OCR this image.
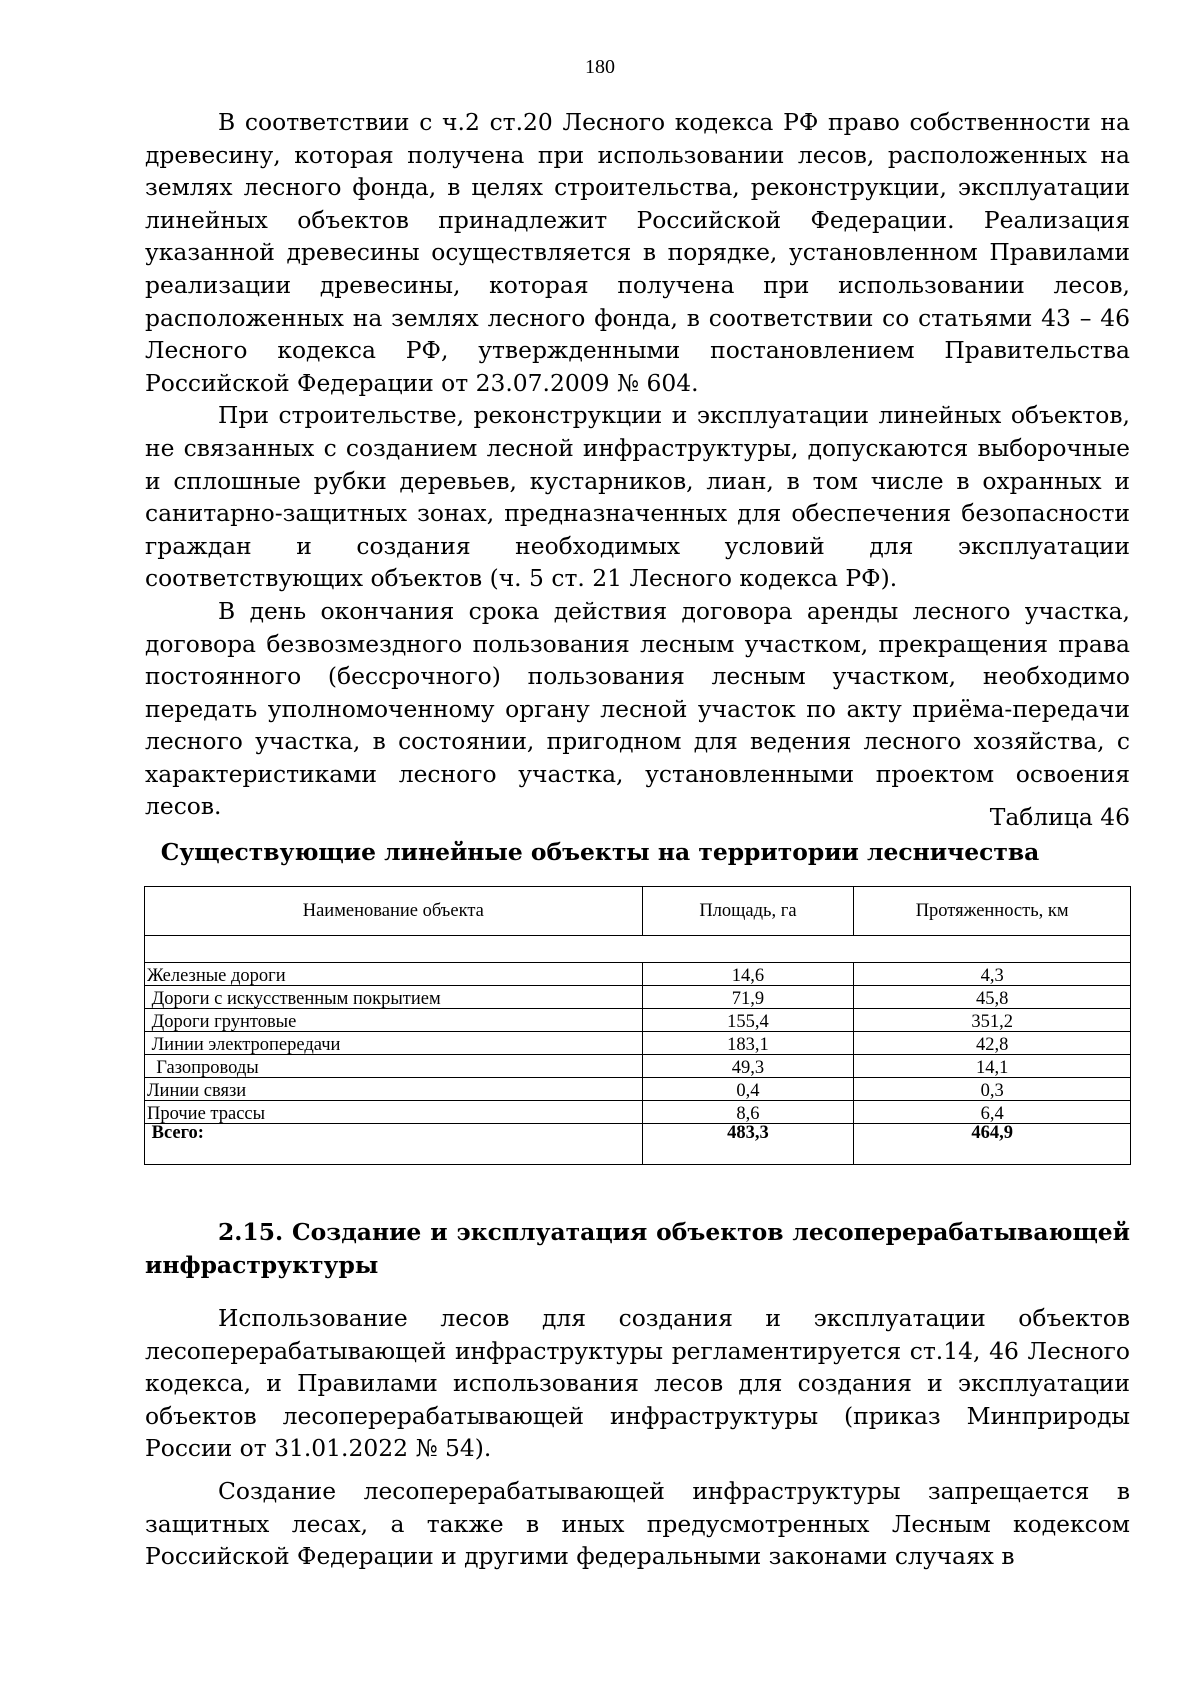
180

В соответствии с ч.2 ст.20 Лесного кодекса РФ право собственности на древесину, которая получена при использовании лесов, расположенных на землях лесного фонда, в целях строительства, реконструкции, эксплуатации линейных объектов принадлежит Российской Федерации. Реализация указанной древесины осуществляется в порядке, установленном Правилами реализации древесины, которая получена при использовании лесов, расположенных на землях лесного фонда, в соответствии со статьями 43 – 46 Лесного кодекса РФ, утвержденными постановлением Правительства Российской Федерации от 23.07.2009 № 604.

При строительстве, реконструкции и эксплуатации линейных объектов, не связанных с созданием лесной инфраструктуры, допускаются выборочные и сплошные рубки деревьев, кустарников, лиан, в том числе в охранных и санитарно-защитных зонах, предназначенных для обеспечения безопасности граждан и создания необходимых условий для эксплуатации соответствующих объектов (ч. 5 ст. 21 Лесного кодекса РФ).

В день окончания срока действия договора аренды лесного участка, договора безвозмездного пользования лесным участком, прекращения права постоянного (бессрочного) пользования лесным участком, необходимо передать уполномоченному органу лесной участок по акту приёма-передачи лесного участка, в состоянии, пригодном для ведения лесного хозяйства, с характеристиками лесного участка, установленными проектом освоения лесов.	Таблица 46
Существующие линейные объекты на территории лесничества
Наименование объекта	Площадь, га	Протяженность, км

Железные дороги	14,6	4,3
Дороги с искусственным покрытием	71,9	45,8
Дороги грунтовые	155,4	351,2
Линии электропередачи	183,1	42,8
Газопроводы	49,3	14,1
Линии связи	0,4	0,3
Прочие трассы	8,6	6,4
Всего:	483,3	464,9
2.15. Создание и эксплуатация объектов лесоперерабатывающей инфраструктуры

Использование лесов для создания и эксплуатации объектов лесоперерабатывающей инфраструктуры регламентируется ст.14, 46 Лесного кодекса, и Правилами использования лесов для создания и эксплуатации объектов лесоперерабатывающей инфраструктуры (приказ Минприроды России от 31.01.2022 № 54).

Создание лесоперерабатывающей инфраструктуры запрещается в защитных лесах, а также в иных предусмотренных Лесным кодексом Российской Федерации и другими федеральными законами случаях в
